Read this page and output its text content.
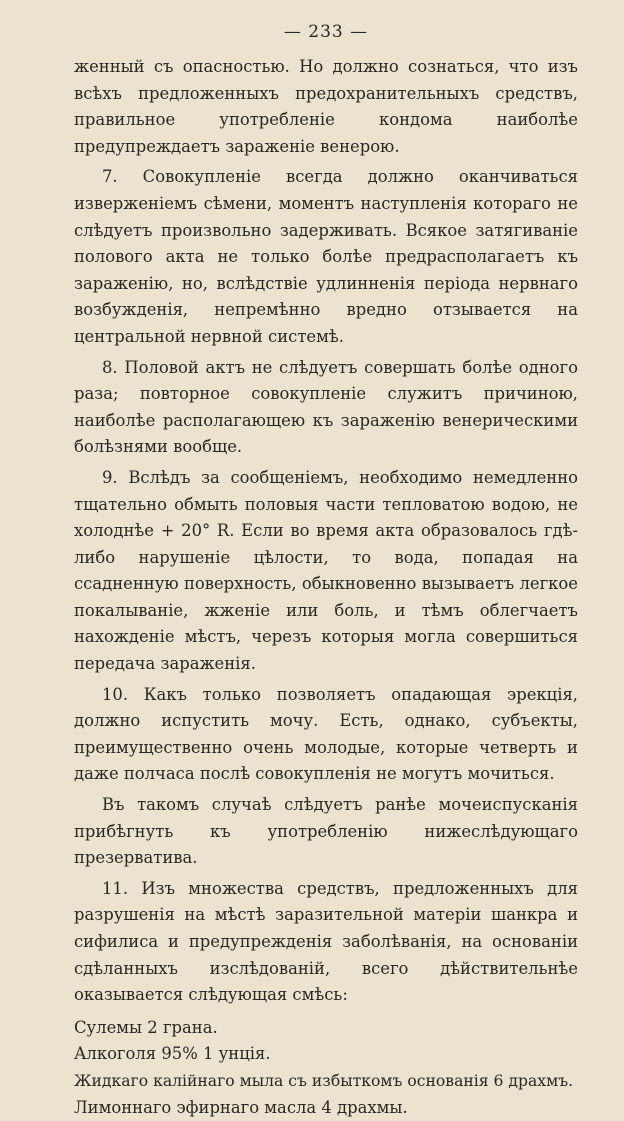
— 233 —

женный съ опасностью. Но должно сознаться, что изъ всѣхъ предложенныхъ предохранительныхъ средствъ, правильное употребленіе кондома наиболѣе предупреждаетъ зараженіе венерою.

7. Совокупленіе всегда должно оканчиваться изверженіемъ сѣмени, моментъ наступленія котораго не слѣдуетъ произвольно задерживать. Всякое затягиваніе полового акта не только болѣе предрасполагаетъ къ зараженію, но, вслѣдствіе удлинненія періода нервнаго возбужденія, непремѣнно вредно отзывается на центральной нервной системѣ.

8. Половой актъ не слѣдуетъ совершать болѣе одного раза; повторное совокупленіе служитъ причиною, наиболѣе располагающею къ зараженію венерическими болѣзнями вообще.

9. Вслѣдъ за сообщеніемъ, необходимо немедленно тщательно обмыть половыя части тепловатою водою, не холоднѣе + 20° R. Если во время акта образовалось гдѣ-либо нарушеніе цѣлости, то вода, попадая на ссадненную поверхность, обыкновенно вызываетъ легкое покалываніе, жженіе или боль, и тѣмъ облегчаетъ нахожденіе мѣстъ, черезъ которыя могла совершиться передача зараженія.

10. Какъ только позволяетъ опадающая эрекція, должно испустить мочу. Есть, однако, субъекты, преимущественно очень молодые, которые четверть и даже полчаса послѣ совокупленія не могутъ мочиться.

Въ такомъ случаѣ слѣдуетъ ранѣе мочеиспусканія прибѣгнуть къ употребленію нижеслѣдующаго презерватива.

11. Изъ множества средствъ, предложенныхъ для разрушенія на мѣстѣ заразительной матеріи шанкра и сифилиса и предупрежденія заболѣванія, на основаніи сдѣланныхъ изслѣдованій, всего дѣйствительнѣе оказывается слѣдующая смѣсь:

Сулемы 2 грана.
Алкоголя 95% 1 унція.
Жидкаго калійнаго мыла съ избыткомъ основанія 6 драхмъ.
Лимоннаго эфирнаго масла 4 драхмы.
